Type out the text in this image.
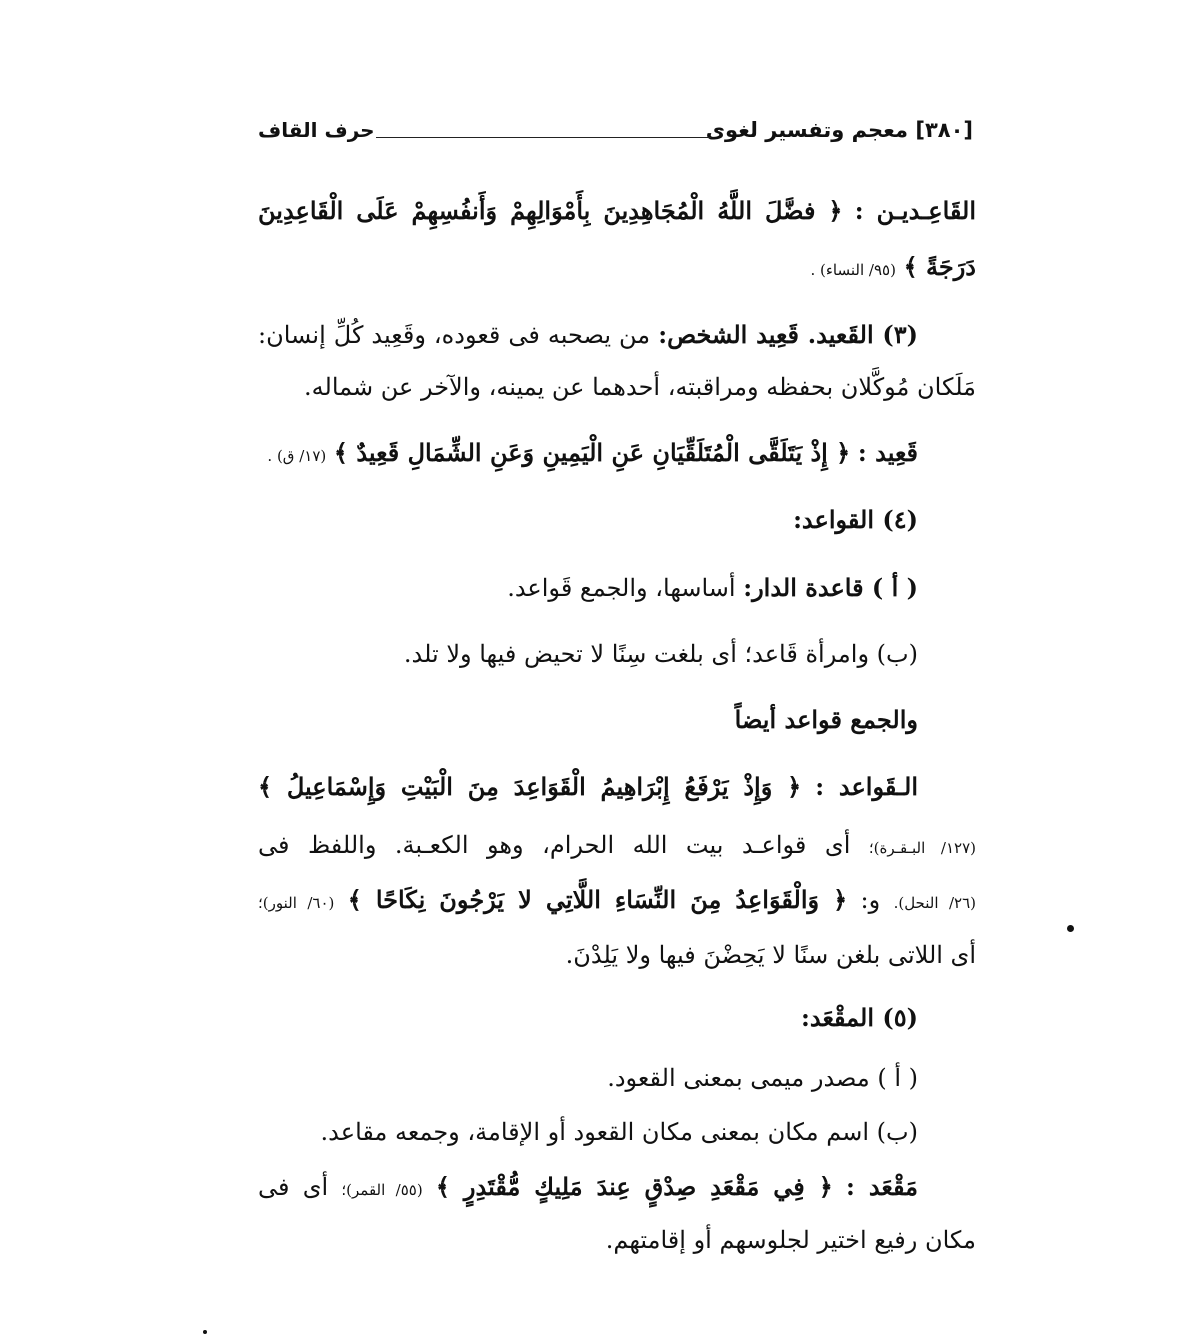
[٣٨٠] معجم وتفسير لغوى
حرف القاف
القَاعِـديـن : ﴿ فضَّلَ اللَّهُ الْمُجَاهِدِينَ بِأَمْوَالِهِمْ وَأَنفُسِهِمْ عَلَى الْقَاعِدِينَ
دَرَجَةً ﴾ (٩٥/ النساء) .
(٣) القَعيد. قَعِيد الشخص: من يصحبه فى قعوده، وقَعِيد كُلِّ إنسان:
مَلَكان مُوكَّلان بحفظه ومراقبته، أحدهما عن يمينه، والآخر عن شماله.
قَعِيد : ﴿ إِذْ يَتَلَقَّى الْمُتَلَقِّيَانِ عَنِ الْيَمِينِ وَعَنِ الشِّمَالِ قَعِيدٌ ﴾ (١٧/ ق) .
(٤) القواعد:
( أ ) قاعدة الدار: أساسها، والجمع قَواعد.
(ب) وامرأة قَاعد؛ أى بلغت سِنًا لا تحيض فيها ولا تلد.
والجمع قواعد أيضاً
الـقَواعد : ﴿ وَإِذْ يَرْفَعُ إِبْرَاهِيمُ الْقَوَاعِدَ مِنَ الْبَيْتِ وَإِسْمَاعِيلُ ﴾
(١٢٧/ البـقـرة)؛ أى قواعـد بيت الله الحرام، وهو الكعـبة. واللفظ فى
(٢٦/ النحل). و: ﴿ وَالْقَوَاعِدُ مِنَ النِّسَاءِ اللَّاتِي لا يَرْجُونَ نِكَاحًا ﴾ (٦٠/ النور)؛
أى اللاتى بلغن سنًا لا يَحِضْنَ فيها ولا يَلِدْنَ.
(٥) المقْعَد:
( أ ) مصدر ميمى بمعنى القعود.
(ب) اسم مكان بمعنى مكان القعود أو الإقامة، وجمعه مقاعد.
مَقْعَد : ﴿ فِي مَقْعَدِ صِدْقٍ عِندَ مَلِيكٍ مُّقْتَدِرٍ ﴾ (٥٥/ القمر)؛ أى فى
مكان رفيع اختير لجلوسهم أو إقامتهم.
